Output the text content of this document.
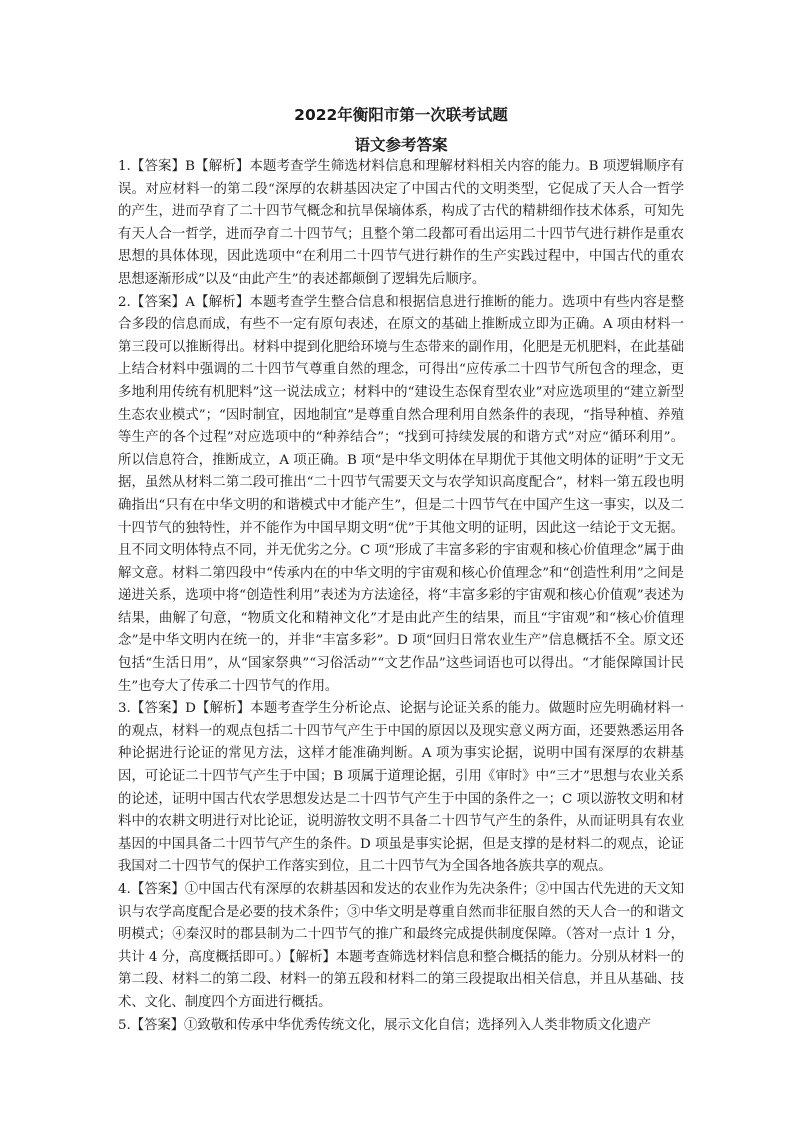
2022年衡阳市第一次联考试题
语文参考答案

1.【答案】B【解析】本题考查学生筛选材料信息和理解材料相关内容的能力。B 项逻辑顺序有误。对应材料一的第二段“深厚的农耕基因决定了中国古代的文明类型，它促成了天人合一哲学的产生，进而孕育了二十四节气概念和抗旱保墒体系，构成了古代的精耕细作技术体系，可知先有天人合一哲学，进而孕育二十四节气；且整个第二段都可看出运用二十四节气进行耕作是重农思想的具体体现，因此选项中“在利用二十四节气进行耕作的生产实践过程中，中国古代的重农思想逐渐形成”以及“由此产生”的表述都颠倒了逻辑先后顺序。

2.【答案】A【解析】本题考查学生整合信息和根据信息进行推断的能力。选项中有些内容是整合多段的信息而成，有些不一定有原句表述，在原文的基础上推断成立即为正确。A 项由材料一第三段可以推断得出。材料中提到化肥给环境与生态带来的副作用，化肥是无机肥料，在此基础上结合材料中强调的二十四节气尊重自然的理念，可得出“应传承二十四节气所包含的理念，更多地利用传统有机肥料”这一说法成立；材料中的“建设生态保育型农业”对应选项里的“建立新型生态农业模式”；“因时制宜，因地制宜”是尊重自然合理利用自然条件的表现，“指导种植、养殖等生产的各个过程”对应选项中的“种养结合”；“找到可持续发展的和谐方式”对应“循环利用”。所以信息符合，推断成立，A 项正确。B 项“是中华文明体在早期优于其他文明体的证明”于文无据，虽然从材料二第二段可推出“二十四节气需要天文与农学知识高度配合”，材料一第五段也明确指出“只有在中华文明的和谐模式中才能产生”，但是二十四节气在中国产生这一事实，以及二十四节气的独特性，并不能作为中国早期文明“优”于其他文明的证明，因此这一结论于文无据。且不同文明体特点不同，并无优劣之分。C 项“形成了丰富多彩的宇宙观和核心价值理念”属于曲解文意。材料二第四段中“传承内在的中华文明的宇宙观和核心价值理念”和“创造性利用”之间是递进关系，选项中将“创造性利用”表述为方法途径，将“丰富多彩的宇宙观和核心价值观”表述为结果，曲解了句意，“物质文化和精神文化”才是由此产生的结果，而且“宇宙观”和“核心价值理念”是中华文明内在统一的，并非“丰富多彩”。D 项“回归日常农业生产”信息概括不全。原文还包括“生活日用”，从“国家祭典”“习俗活动”“文艺作品”这些词语也可以得出。“才能保障国计民生”也夸大了传承二十四节气的作用。

3.【答案】D【解析】本题考查学生分析论点、论据与论证关系的能力。做题时应先明确材料一的观点，材料一的观点包括二十四节气产生于中国的原因以及现实意义两方面，还要熟悉运用各种论据进行论证的常见方法，这样才能准确判断。A 项为事实论据，说明中国有深厚的农耕基因，可论证二十四节气产生于中国；B 项属于道理论据，引用《审时》中“三才”思想与农业关系的论述，证明中国古代农学思想发达是二十四节气产生于中国的条件之一；C 项以游牧文明和材料中的农耕文明进行对比论证，说明游牧文明不具备二十四节气产生的条件，从而证明具有农业基因的中国具备二十四节气产生的条件。D 项虽是事实论据，但是支撑的是材料二的观点，论证我国对二十四节气的保护工作落实到位，且二十四节气为全国各地各族共享的观点。

4.【答案】①中国古代有深厚的农耕基因和发达的农业作为先决条件；②中国古代先进的天文知识与农学高度配合是必要的技术条件；③中华文明是尊重自然而非征服自然的天人合一的和谐文明模式；④秦汉时的郡县制为二十四节气的推广和最终完成提供制度保障。（答对一点计 1 分，共计 4 分，高度概括即可。）【解析】本题考查筛选材料信息和整合概括的能力。分别从材料一的第二段、材料二的第二段、材料一的第五段和材料二的第三段提取出相关信息，并且从基础、技术、文化、制度四个方面进行概括。

5.【答案】①致敬和传承中华优秀传统文化，展示文化自信；选择列入人类非物质文化遗产
